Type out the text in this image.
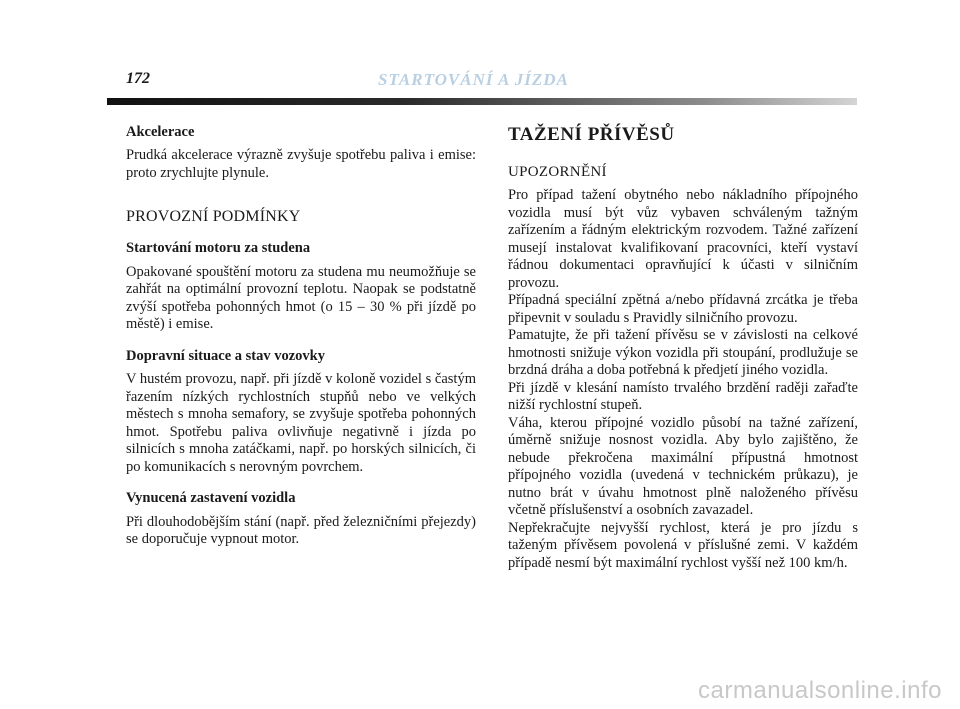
172	STARTOVÁNÍ A JÍZDA
Akcelerace

Prudká akcelerace výrazně zvyšuje spotřebu paliva i emise: proto zrychlujte plynule.

PROVOZNÍ PODMÍNKY
Startování motoru za studena

Opakované spouštění motoru za studena mu neumožňuje se zahřát na optimální provozní teplotu. Naopak se podstatně zvýší spotřeba pohonných hmot (o 15 – 30 % při jízdě po městě) i emise.

Dopravní situace a stav vozovky

V hustém provozu, např. při jízdě v koloně vozidel s častým řazením nízkých rychlostních stupňů nebo ve velkých městech s mnoha semafory, se zvyšuje spotřeba pohonných hmot. Spotřebu paliva ovlivňuje negativně i jízda po silnicích s mnoha zatáčkami, např. po horských silnicích, či po komunikacích s nerovným povrchem.

Vynucená zastavení vozidla

Při dlouhodobějším stání (např. před železničními přejezdy) se doporučuje vypnout motor.

TAŽENÍ PŘÍVĚSŮ
UPOZORNĚNÍ

Pro případ tažení obytného nebo nákladního přípojného vozidla musí být vůz vybaven schváleným tažným zařízením a řádným elektrickým rozvodem. Tažné zařízení musejí instalovat kvalifikovaní pracovníci, kteří vystaví řádnou dokumentaci opravňující k účasti v silničním provozu.

Případná speciální zpětná a/nebo přídavná zrcátka je třeba připevnit v souladu s Pravidly silničního provozu.

Pamatujte, že při tažení přívěsu se v závislosti na celkové hmotnosti snižuje výkon vozidla při stoupání, prodlužuje se brzdná dráha a doba potřebná k předjetí jiného vozidla.

Při jízdě v klesání namísto trvalého brzdění raději zařaďte nižší rychlostní stupeň.

Váha, kterou přípojné vozidlo působí na tažné zařízení, úměrně snižuje nosnost vozidla. Aby bylo zajištěno, že nebude překročena maximální přípustná hmotnost přípojného vozidla (uvedená v technickém průkazu), je nutno brát v úvahu hmotnost plně naloženého přívěsu včetně příslušenství a osobních zavazadel.

Nepřekračujte nejvyšší rychlost, která je pro jízdu s taženým přívěsem povolená v příslušné zemi. V každém případě nesmí být maximální rychlost vyšší než 100 km/h.

carmanualsonline.info
